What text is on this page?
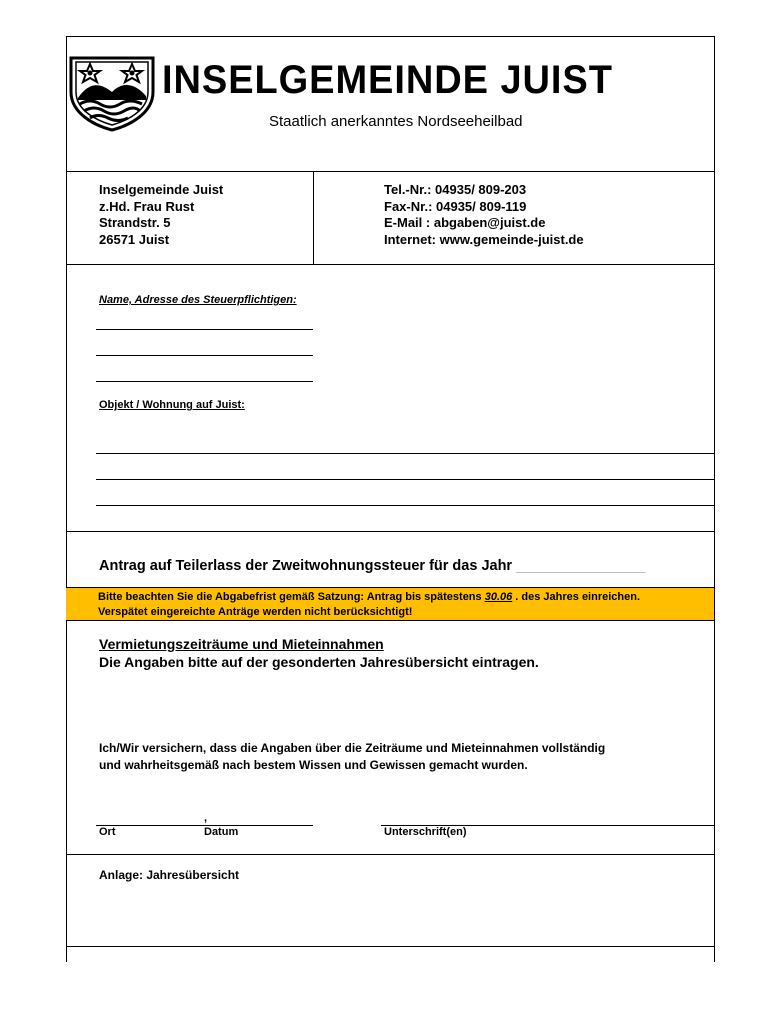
INSELGEMEINDE JUIST
Staatlich anerkanntes Nordseeheilbad
Inselgemeinde Juist
z.Hd. Frau Rust
Strandstr. 5
26571 Juist
Tel.-Nr.: 04935/ 809-203
Fax-Nr.: 04935/ 809-119
E-Mail : abgaben@juist.de
Internet: www.gemeinde-juist.de
Name, Adresse des Steuerpflichtigen:
Objekt / Wohnung auf Juist:
Antrag auf Teilerlass der Zweitwohnungssteuer für das Jahr ________________
Bitte beachten Sie die Abgabefrist gemäß Satzung: Antrag bis spätestens 30.06 . des Jahres einreichen.
Verspätet eingereichte Anträge werden nicht berücksichtigt!
Vermietungszeiträume und Mieteinnahmen
Die Angaben bitte auf der gesonderten Jahresübersicht eintragen.
Ich/Wir versichern, dass die Angaben über die Zeiträume und Mieteinnahmen vollständig
und wahrheitsgemäß nach bestem Wissen und Gewissen gemacht wurden.
,
Ort	Datum	Unterschrift(en)
Anlage: Jahresübersicht
